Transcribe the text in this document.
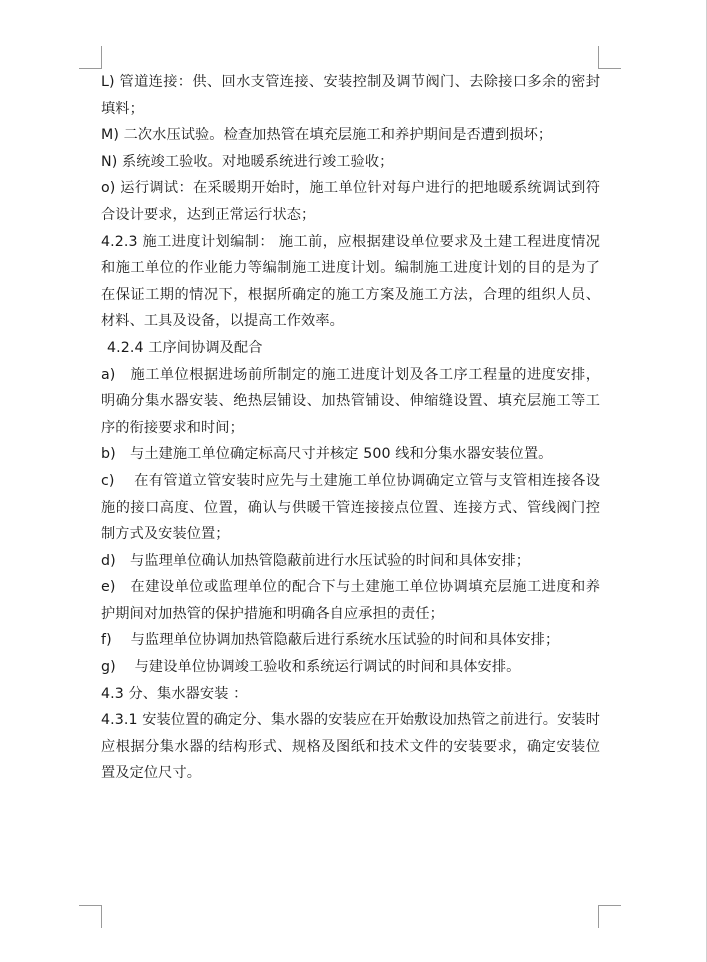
L) 管道连接：供、回水支管连接、安装控制及调节阀门、去除接口多余的密封填料；

M) 二次水压试验。检查加热管在填充层施工和养护期间是否遭到损坏；

N) 系统竣工验收。对地暖系统进行竣工验收；

o) 运行调试：在采暖期开始时，施工单位针对每户进行的把地暖系统调试到符合设计要求，达到正常运行状态；

4.2.3 施工进度计划编制： 施工前，应根据建设单位要求及土建工程进度情况和施工单位的作业能力等编制施工进度计划。编制施工进度计划的目的是为了在保证工期的情况下，根据所确定的施工方案及施工方法，合理的组织人员、材料、工具及设备，以提高工作效率。

4.2.4 工序间协调及配合

a)　施工单位根据进场前所制定的施工进度计划及各工序工程量的进度安排，明确分集水器安装、绝热层铺设、加热管铺设、伸缩缝设置、填充层施工等工序的衔接要求和时间；

b)　与土建施工单位确定标高尺寸并核定 500 线和分集水器安装位置。

c)　 在有管道立管安装时应先与土建施工单位协调确定立管与支管相连接各设施的接口高度、位置，确认与供暖干管连接接点位置、连接方式、管线阀门控制方式及安装位置；

d)　与监理单位确认加热管隐蔽前进行水压试验的时间和具体安排；

e)　在建设单位或监理单位的配合下与土建施工单位协调填充层施工进度和养护期间对加热管的保护措施和明确各自应承担的责任；

f)　 与监理单位协调加热管隐蔽后进行系统水压试验的时间和具体安排；

g)　 与建设单位协调竣工验收和系统运行调试的时间和具体安排。

4.3 分、集水器安装 ：

4.3.1 安装位置的确定分、集水器的安装应在开始敷设加热管之前进行。安装时应根据分集水器的结构形式、规格及图纸和技术文件的安装要求，确定安装位置及定位尺寸。
